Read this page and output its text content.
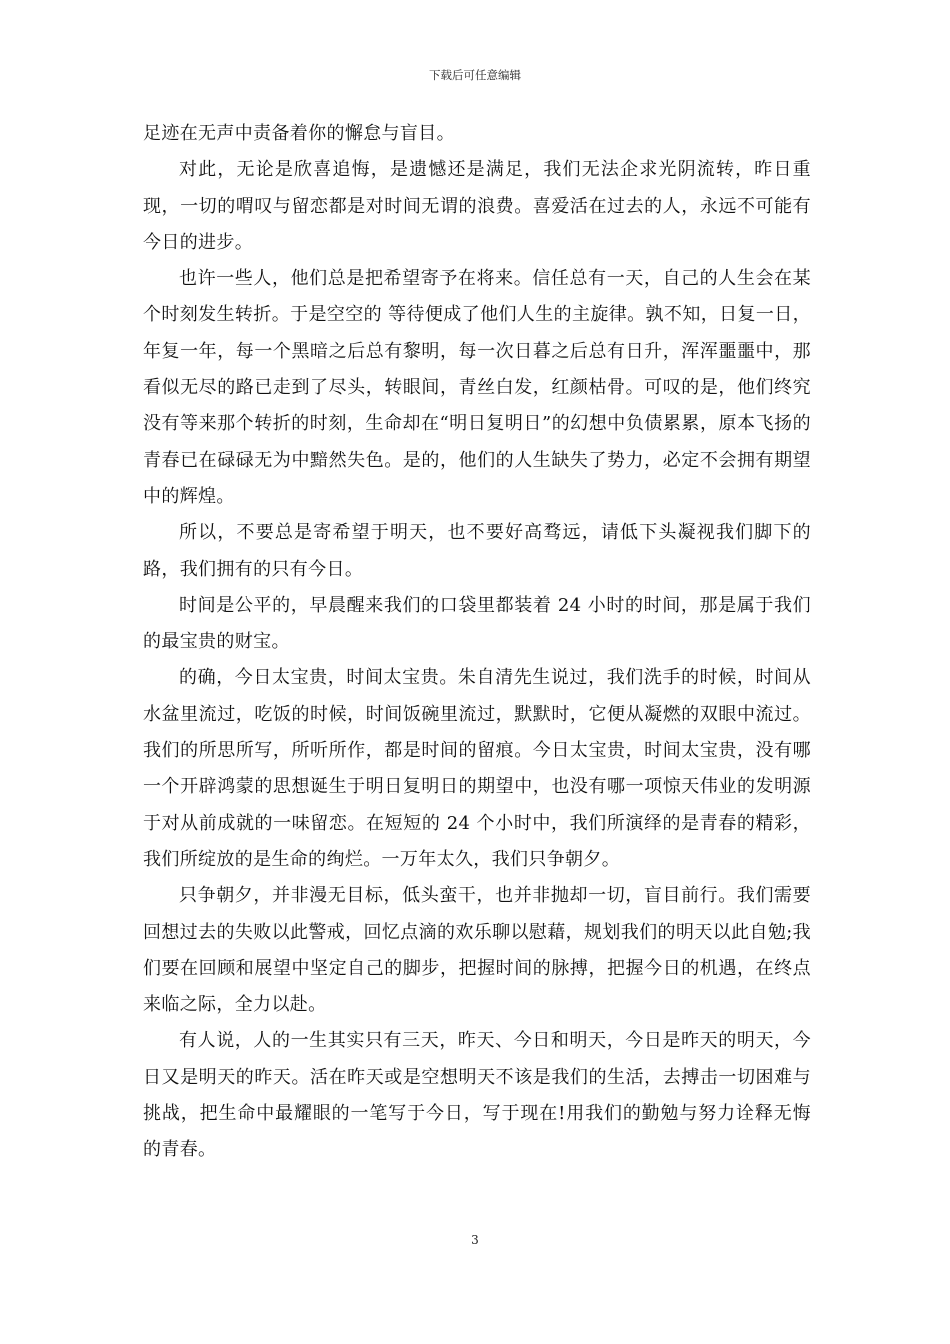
下载后可任意编辑

足迹在无声中责备着你的懈怠与盲目。

对此，无论是欣喜追悔，是遗憾还是满足，我们无法企求光阴流转，昨日重现，一切的喟叹与留恋都是对时间无谓的浪费。喜爱活在过去的人，永远不可能有今日的进步。

也许一些人，他们总是把希望寄予在将来。信任总有一天，自己的人生会在某个时刻发生转折。于是空空的 等待便成了他们人生的主旋律。孰不知，日复一日，年复一年，每一个黑暗之后总有黎明，每一次日暮之后总有日升，浑浑噩噩中，那看似无尽的路已走到了尽头，转眼间，青丝白发，红颜枯骨。可叹的是，他们终究没有等来那个转折的时刻，生命却在“明日复明日”的幻想中负债累累，原本飞扬的青春已在碌碌无为中黯然失色。是的，他们的人生缺失了势力，必定不会拥有期望中的辉煌。

所以，不要总是寄希望于明天，也不要好高骛远，请低下头凝视我们脚下的路，我们拥有的只有今日。

时间是公平的，早晨醒来我们的口袋里都装着 24 小时的时间，那是属于我们的最宝贵的财宝。

的确，今日太宝贵，时间太宝贵。朱自清先生说过，我们洗手的时候，时间从水盆里流过，吃饭的时候，时间饭碗里流过，默默时，它便从凝燃的双眼中流过。我们的所思所写，所听所作，都是时间的留痕。今日太宝贵，时间太宝贵，没有哪一个开辟鸿蒙的思想诞生于明日复明日的期望中，也没有哪一项惊天伟业的发明源于对从前成就的一味留恋。在短短的 24 个小时中，我们所演绎的是青春的精彩，我们所绽放的是生命的绚烂。一万年太久，我们只争朝夕。

只争朝夕，并非漫无目标，低头蛮干，也并非抛却一切，盲目前行。我们需要回想过去的失败以此警戒，回忆点滴的欢乐聊以慰藉，规划我们的明天以此自勉;我们要在回顾和展望中坚定自己的脚步，把握时间的脉搏，把握今日的机遇，在终点来临之际，全力以赴。

有人说，人的一生其实只有三天，昨天、今日和明天，今日是昨天的明天，今日又是明天的昨天。活在昨天或是空想明天不该是我们的生活，去搏击一切困难与挑战，把生命中最耀眼的一笔写于今日，写于现在!用我们的勤勉与努力诠释无悔的青春。

3
